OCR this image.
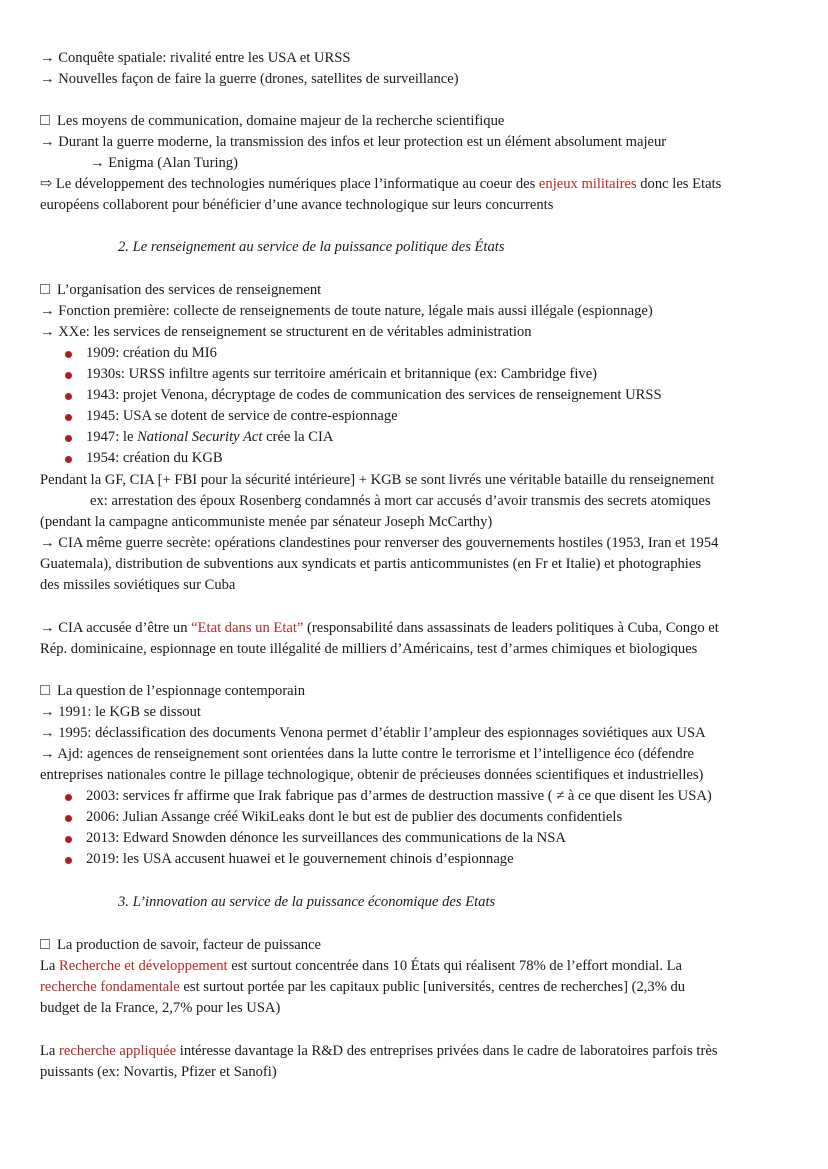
→ Conquête spatiale: rivalité entre les USA et URSS
→ Nouvelles façon de faire la guerre (drones, satellites de surveillance)
Les moyens de communication, domaine majeur de la recherche scientifique
→ Durant la guerre moderne, la transmission des infos et leur protection est un élément absolument majeur
→ Enigma (Alan Turing)
⇨ Le développement des technologies numériques place l’informatique au coeur des enjeux militaires donc les Etats
européens collaborent pour bénéficier d’une avance technologique sur leurs concurrents
2. Le renseignement au service de la puissance politique des États
L’organisation des services de renseignement
→ Fonction première: collecte de renseignements de toute nature, légale mais aussi illégale (espionnage)
→ XXe: les services de renseignement se structurent en de véritables administration
1909: création du MI6
1930s: URSS infiltre agents sur territoire américain et britannique (ex: Cambridge five)
1943: projet Venona, décryptage de codes de communication des services de renseignement URSS
1945: USA se dotent de service de contre-espionnage
1947: le National Security Act crée la CIA
1954: création du KGB
Pendant la GF, CIA [+ FBI pour la sécurité intérieure] + KGB se sont livrés une véritable bataille du renseignement
ex: arrestation des époux Rosenberg condamnés à mort car accusés d’avoir transmis des secrets atomiques
(pendant la campagne anticommuniste menée par sénateur Joseph McCarthy)
→ CIA même guerre secrète: opérations clandestines pour renverser des gouvernements hostiles (1953, Iran et 1954
Guatemala), distribution de subventions aux syndicats et partis anticommunistes (en Fr et Italie) et photographies
des missiles soviétiques sur Cuba
→ CIA accusée d’être un “Etat dans un Etat” (responsabilité dans assassinats de leaders politiques à Cuba, Congo et
Rép. dominicaine, espionnage en toute illégalité de milliers d’Américains, test d’armes chimiques et biologiques
La question de l’espionnage contemporain
→ 1991: le KGB se dissout
→ 1995: déclassification des documents Venona permet d’établir l’ampleur des espionnages soviétiques aux USA
→ Ajd: agences de renseignement sont orientées dans la lutte contre le terrorisme et l’intelligence éco (défendre
entreprises nationales contre le pillage technologique, obtenir de précieuses données scientifiques et industrielles)
2003: services fr affirme que Irak fabrique pas d’armes de destruction massive ( ≠ à ce que disent les USA)
2006: Julian Assange créé WikiLeaks dont le but est de publier des documents confidentiels
2013: Edward Snowden dénonce les surveillances des communications de la NSA
2019: les USA accusent huawei et le gouvernement chinois d’espionnage
3. L’innovation au service de la puissance économique des Etats
La production de savoir, facteur de puissance
La Recherche et développement est surtout concentrée dans 10 États qui réalisent 78% de l’effort mondial. La
recherche fondamentale est surtout portée par les capitaux public [universités, centres de recherches] (2,3% du
budget de la France, 2,7% pour les USA)
La recherche appliquée intéresse davantage la R&D des entreprises privées dans le cadre de laboratoires parfois très
puissants (ex: Novartis, Pfizer et Sanofi)
